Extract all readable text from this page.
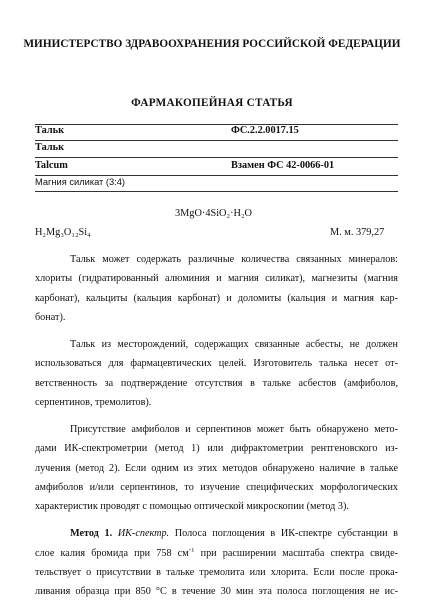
МИНИСТЕРСТВО ЗДРАВООХРАНЕНИЯ РОССИЙСКОЙ ФЕДЕРАЦИИ
ФАРМАКОПЕЙНАЯ СТАТЬЯ
Тальк	ФС.2.2.0017.15
Тальк
Talcum	Взамен ФС 42-0066-01
Магния силикат (3:4)
3MgO·4SiO₂·H₂O
H₂Mg₃O₁₂Si₄	М. м. 379,27
Тальк может содержать различные количества связанных минералов:
хлориты (гидратированный алюминия и магния силикат), магнезиты (магния
карбонат), кальциты (кальция карбонат) и доломиты (кальция и магния кар-
бонат).
Тальк из месторождений, содержащих связанные асбесты, не должен
использоваться для фармацевтических целей. Изготовитель талька несет от-
ветственность за подтверждение отсутствия в тальке асбестов (амфиболов,
серпентинов, тремолитов).
Присутствие амфиболов и серпентинов может быть обнаружено мето-
дами ИК-спектрометрии (метод 1) или дифрактометрии рентгеновского из-
лучения (метод 2). Если одним из этих методов обнаружено наличие в тальке
амфиболов и/или серпентинов, то изучение специфических морфологических
характеристик проводят с помощью оптической микроскопии (метод 3).
Метод 1. ИК-спектр. Полоса поглощения в ИК-спектре субстанции в
слое калия бромида при 758 $см^{-1}$ при расширении масштаба спектра свиде-
тельствует о присутствии в тальке тремолита или хлорита. Если после прока-
ливания образца при 850 °С в течение 30 мин эта полоса поглощения не ис-
